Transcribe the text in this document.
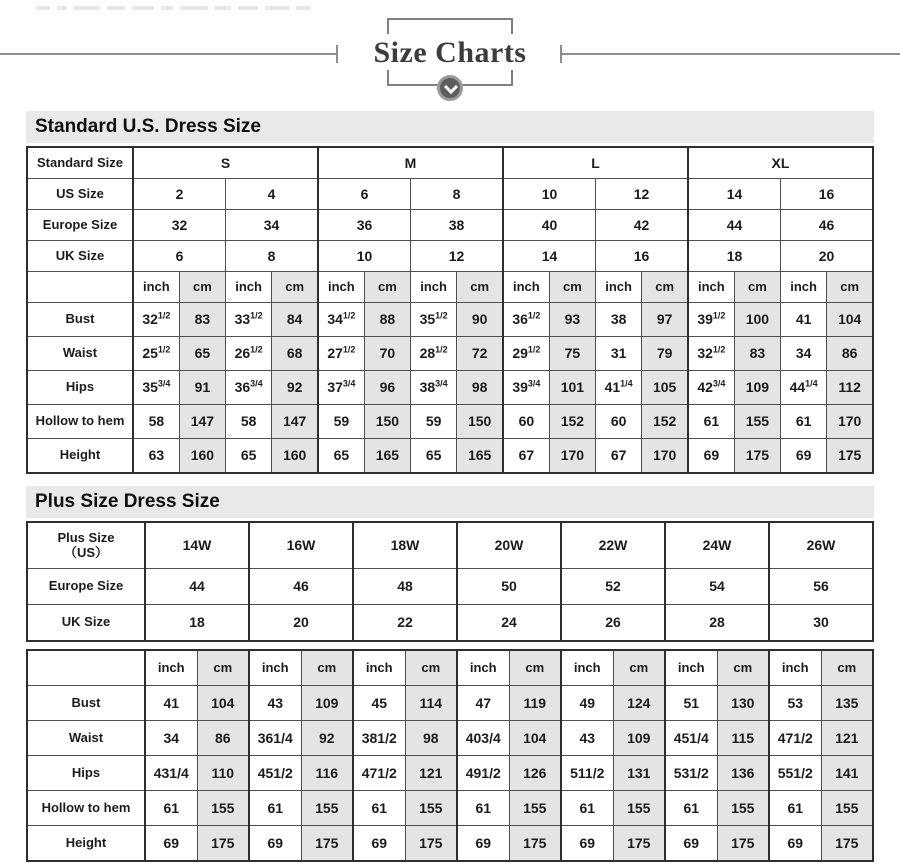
Size Charts
Standard U.S. Dress Size
Standard Size	S				M				L				XL			
US Size	2		4		6		8		10		12		14		16	
Europe Size	32		34		36		38		40		42		44		46	
UK Size	6		8		10		12		14		16		18		20	
	inch	cm	inch	cm	inch	cm	inch	cm	inch	cm	inch	cm	inch	cm	inch	cm
Bust	$32^{1/2}$	83	$33^{1/2}$	84	$34^{1/2}$	88	$35^{1/2}$	90	$36^{1/2}$	93	38	97	$39^{1/2}$	100	41	104
Waist	$25^{1/2}$	65	$26^{1/2}$	68	$27^{1/2}$	70	$28^{1/2}$	72	$29^{1/2}$	75	31	79	$32^{1/2}$	83	34	86
Hips	$35^{3/4}$	91	$36^{3/4}$	92	$37^{3/4}$	96	$38^{3/4}$	98	$39^{3/4}$	101	$41^{1/4}$	105	$42^{3/4}$	109	$44^{1/4}$	112
Hollow to hem	58	147	58	147	59	150	59	150	60	152	60	152	61	155	61	170
Height	63	160	65	160	65	165	65	165	67	170	67	170	69	175	69	175
Plus Size Dress Size
Plus Size
（US）	14W	16W	18W	20W	22W	24W	26W
Europe Size	44	46	48	50	52	54	56
UK Size	18	20	22	24	26	28	30
	inch	cm	inch	cm	inch	cm	inch	cm	inch	cm	inch	cm	inch	cm
Bust	41	104	43	109	45	114	47	119	49	124	51	130	53	135
Waist	34	86	361/4	92	381/2	98	403/4	104	43	109	451/4	115	471/2	121
Hips	431/4	110	451/2	116	471/2	121	491/2	126	511/2	131	531/2	136	551/2	141
Hollow to hem	61	155	61	155	61	155	61	155	61	155	61	155	61	155
Height	69	175	69	175	69	175	69	175	69	175	69	175	69	175
